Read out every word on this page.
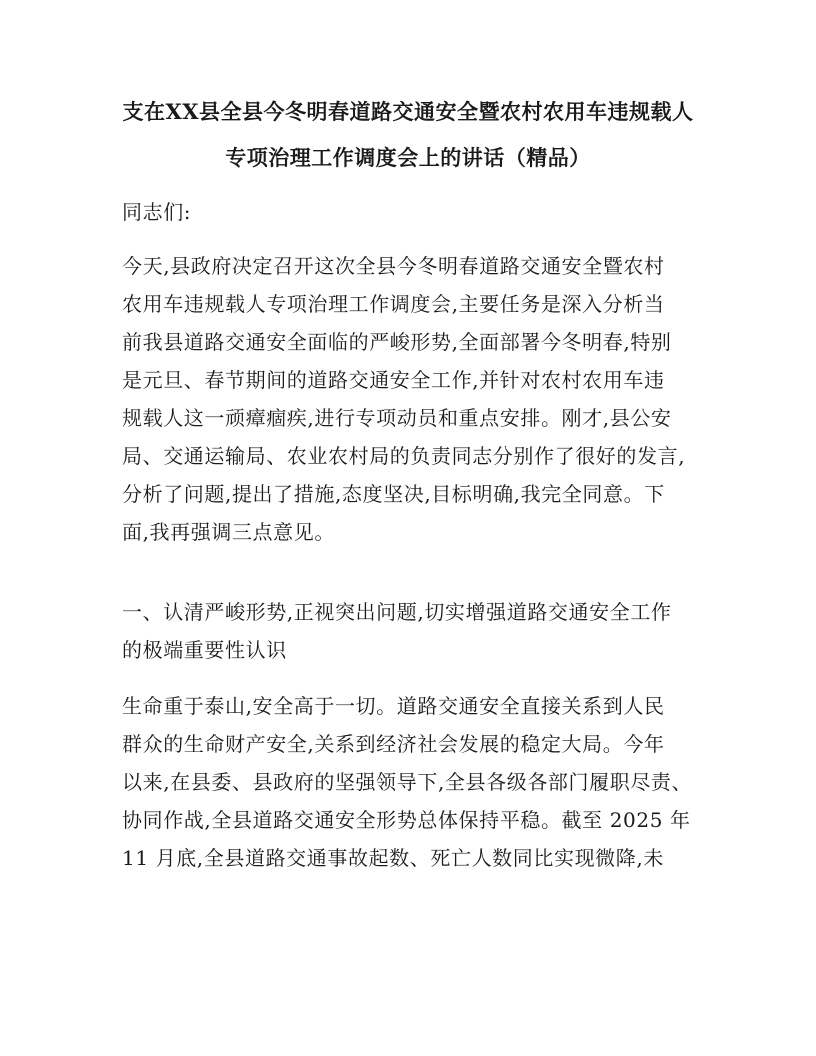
支在XX县全县今冬明春道路交通安全暨农村农用车违规载人
专项治理工作调度会上的讲话（精品）
同志们:
今天,县政府决定召开这次全县今冬明春道路交通安全暨农村
农用车违规载人专项治理工作调度会,主要任务是深入分析当
前我县道路交通安全面临的严峻形势,全面部署今冬明春,特别
是元旦、春节期间的道路交通安全工作,并针对农村农用车违
规载人这一顽瘴痼疾,进行专项动员和重点安排。刚才,县公安
局、交通运输局、农业农村局的负责同志分别作了很好的发言,
分析了问题,提出了措施,态度坚决,目标明确,我完全同意。下
面,我再强调三点意见。
一、认清严峻形势,正视突出问题,切实增强道路交通安全工作
的极端重要性认识
生命重于泰山,安全高于一切。道路交通安全直接关系到人民
群众的生命财产安全,关系到经济社会发展的稳定大局。今年
以来,在县委、县政府的坚强领导下,全县各级各部门履职尽责、
协同作战,全县道路交通安全形势总体保持平稳。截至 2025 年
11 月底,全县道路交通事故起数、死亡人数同比实现微降,未
